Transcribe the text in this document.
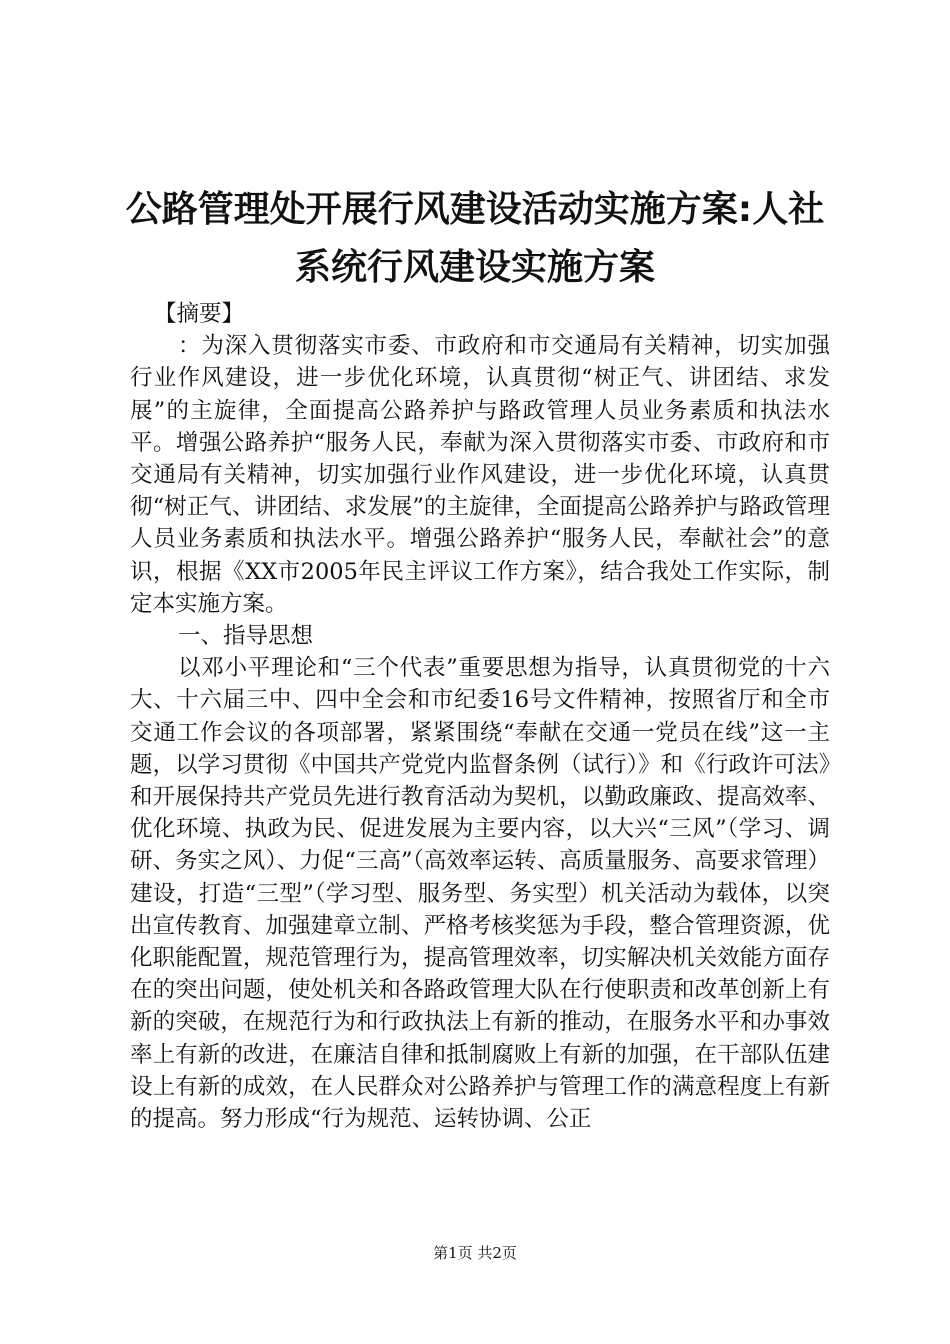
公路管理处开展行风建设活动实施方案:人社
系统行风建设实施方案

【摘要】

：为深入贯彻落实市委、市政府和市交通局有关精神，切实加强行业作风建设，进一步优化环境，认真贯彻“树正气、讲团结、求发展”的主旋律，全面提高公路养护与路政管理人员业务素质和执法水平。增强公路养护“服务人民，奉献为深入贯彻落实市委、市政府和市交通局有关精神，切实加强行业作风建设，进一步优化环境，认真贯彻“树正气、讲团结、求发展”的主旋律，全面提高公路养护与路政管理人员业务素质和执法水平。增强公路养护“服务人民，奉献社会”的意识，根据《XX市2005年民主评议工作方案》，结合我处工作实际，制定本实施方案。

一、指导思想

以邓小平理论和“三个代表”重要思想为指导，认真贯彻党的十六大、十六届三中、四中全会和市纪委16号文件精神，按照省厅和全市交通工作会议的各项部署，紧紧围绕“奉献在交通一党员在线”这一主题，以学习贯彻《中国共产党党内监督条例（试行）》和《行政许可法》和开展保持共产党员先进行教育活动为契机，以勤政廉政、提高效率、优化环境、执政为民、促进发展为主要内容，以大兴“三风”（学习、调研、务实之风）、力促“三高”（高效率运转、高质量服务、高要求管理）建设，打造“三型”（学习型、服务型、务实型）机关活动为载体，以突出宣传教育、加强建章立制、严格考核奖惩为手段，整合管理资源，优化职能配置，规范管理行为，提高管理效率，切实解决机关效能方面存在的突出问题，使处机关和各路政管理大队在行使职责和改革创新上有新的突破，在规范行为和行政执法上有新的推动，在服务水平和办事效率上有新的改进，在廉洁自律和抵制腐败上有新的加强，在干部队伍建设上有新的成效，在人民群众对公路养护与管理工作的满意程度上有新的提高。努力形成“行为规范、运转协调、公正

第1页 共2页
